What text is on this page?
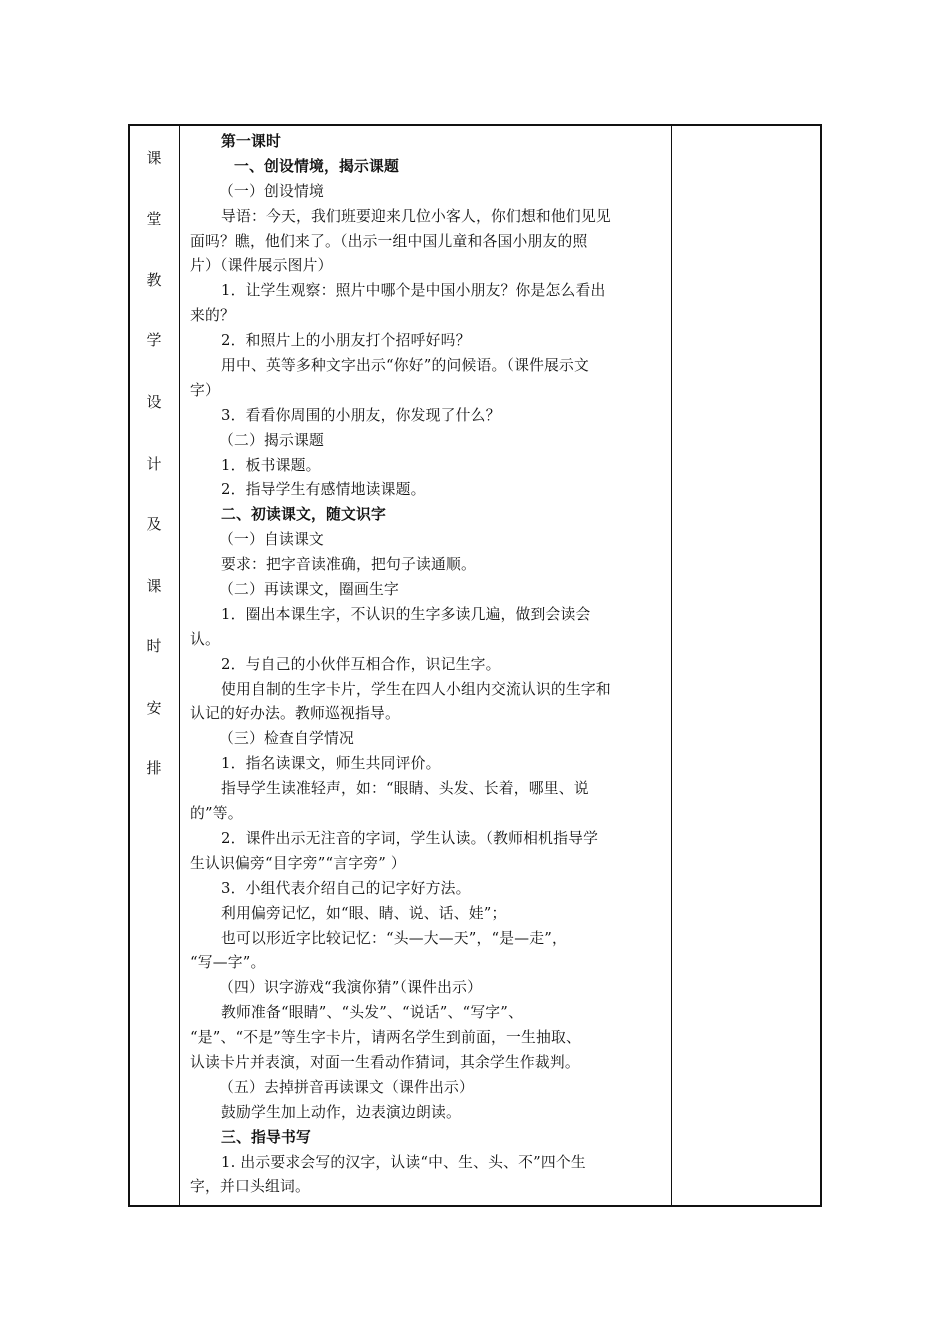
课
堂
教
学
设
计
及
课
时
安
排
第一课时
一、创设情境，揭示课题
（一）创设情境
导语：今天，我们班要迎来几位小客人，你们想和他们见见
面吗？瞧，他们来了。（出示一组中国儿童和各国小朋友的照
片）（课件展示图片）
1．让学生观察：照片中哪个是中国小朋友？你是怎么看出
来的？
2．和照片上的小朋友打个招呼好吗？
用中、英等多种文字出示“你好”的问候语。（课件展示文
字）
3．看看你周围的小朋友，你发现了什么？
（二）揭示课题
1．板书课题。
2．指导学生有感情地读课题。
二、初读课文，随文识字
（一）自读课文
要求：把字音读准确，把句子读通顺。
（二）再读课文，圈画生字
1．圈出本课生字，不认识的生字多读几遍，做到会读会
认。
2．与自己的小伙伴互相合作，识记生字。
使用自制的生字卡片，学生在四人小组内交流认识的生字和
认记的好办法。教师巡视指导。
（三）检查自学情况
1．指名读课文，师生共同评价。
指导学生读准轻声，如：“眼睛、头发、长着，哪里、说
的”等。
2．课件出示无注音的字词，学生认读。（教师相机指导学
生认识偏旁“目字旁”“言字旁” ）
3．小组代表介绍自己的记字好方法。
利用偏旁记忆，如“眼、睛、说、话、娃”；
也可以形近字比较记忆：“头—大—天”，“是—走”，
“写—字”。
（四）识字游戏“我演你猜”（课件出示）
教师准备“眼睛”、“头发”、“说话”、“写字”、
“是”、“不是”等生字卡片，请两名学生到前面，一生抽取、
认读卡片并表演，对面一生看动作猜词，其余学生作裁判。
（五）去掉拼音再读课文（课件出示）
鼓励学生加上动作，边表演边朗读。
三、指导书写
1. 出示要求会写的汉字，认读“中、生、头、不”四个生
字，并口头组词。
